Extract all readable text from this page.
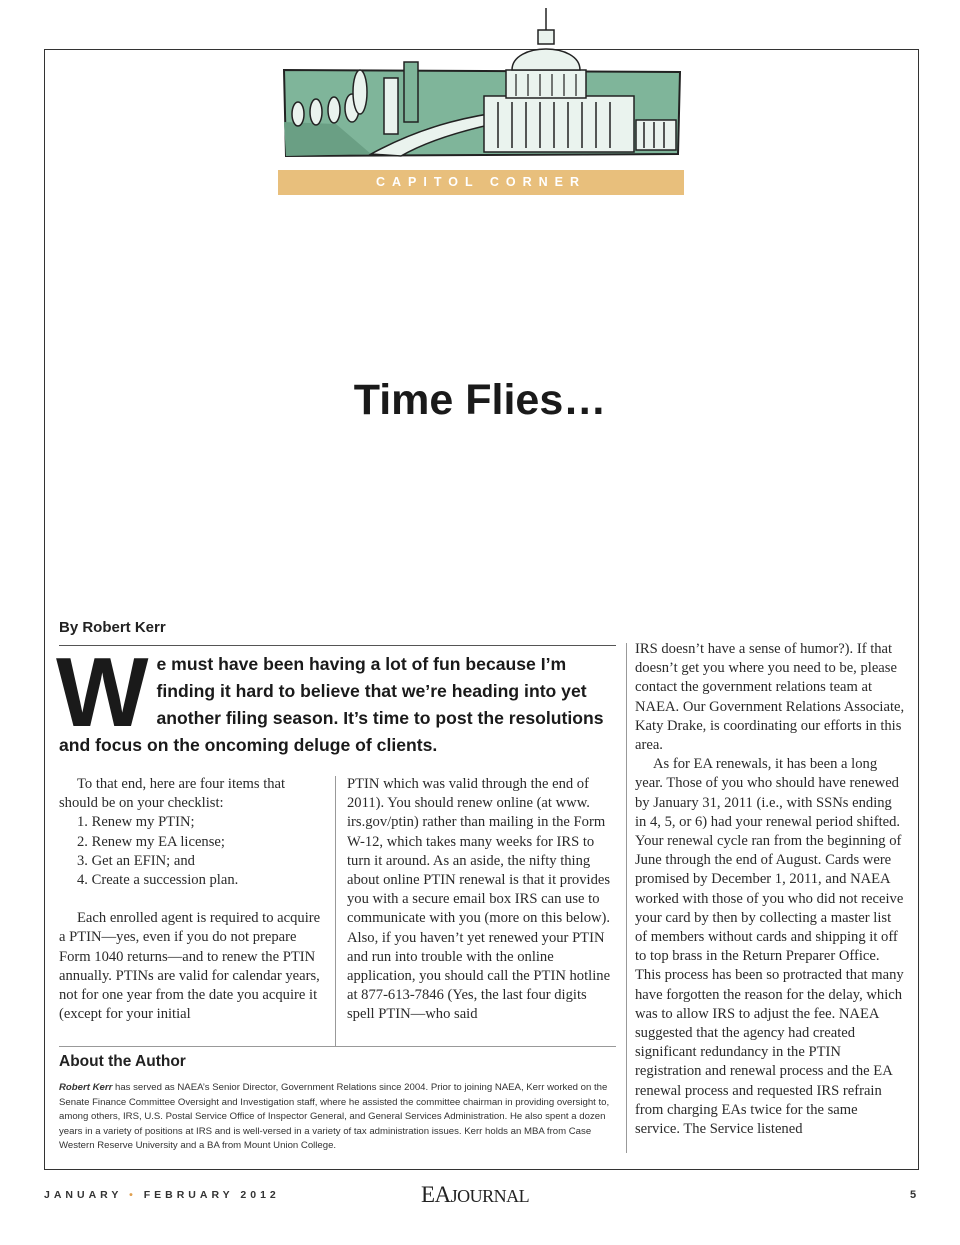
CAPITOL CORNER
Time Flies…
By Robert Kerr
We must have been having a lot of fun because I’m finding it hard to believe that we’re heading into yet another filing season. It’s time to post the resolutions and focus on the oncoming deluge of clients.

To that end, here are four items that should be on your checklist:

1. Renew my PTIN;

2. Renew my EA license;

3. Get an EFIN; and

4. Create a succession plan.

Each enrolled agent is required to acquire a PTIN—yes, even if you do not prepare Form 1040 returns—and to renew the PTIN annually. PTINs are valid for calendar years, not for one year from the date you acquire it (except for your initial

PTIN which was valid through the end of 2011). You should renew online (at www. irs.gov/ptin) rather than mailing in the Form W-12, which takes many weeks for IRS to turn it around. As an aside, the nifty thing about online PTIN renewal is that it provides you with a secure email box IRS can use to communicate with you (more on this below). Also, if you haven’t yet renewed your PTIN and run into trouble with the online application, you should call the PTIN hotline at 877-613-7846 (Yes, the last four digits spell PTIN—who said

IRS doesn’t have a sense of humor?). If that doesn’t get you where you need to be, please contact the government relations team at NAEA. Our Government Relations Associate, Katy Drake, is coordinating our efforts in this area.

As for EA renewals, it has been a long year. Those of you who should have renewed by January 31, 2011 (i.e., with SSNs ending in 4, 5, or 6) had your renewal period shifted. Your renewal cycle ran from the beginning of June through the end of August. Cards were promised by December 1, 2011, and NAEA worked with those of you who did not receive your card by then by collecting a master list of members without cards and shipping it off to top brass in the Return Preparer Office. This process has been so protracted that many have forgotten the reason for the delay, which was to allow IRS to adjust the fee. NAEA suggested that the agency had created significant redundancy in the PTIN registration and renewal process and the EA renewal process and requested IRS refrain from charging EAs twice for the same service. The Service listened

About the Author
Robert Kerr has served as NAEA’s Senior Director, Government Relations since 2004. Prior to joining NAEA, Kerr worked on the Senate Finance Committee Oversight and Investigation staff, where he assisted the committee chairman in providing oversight to, among others, IRS, U.S. Postal Service Office of Inspector General, and General Services Administration. He also spent a dozen years in a variety of positions at IRS and is well-versed in a variety of tax administration issues. Kerr holds an MBA from Case Western Reserve University and a BA from Mount Union College.
JANUARY • FEBRUARY 2012	EAJOURNAL	5
